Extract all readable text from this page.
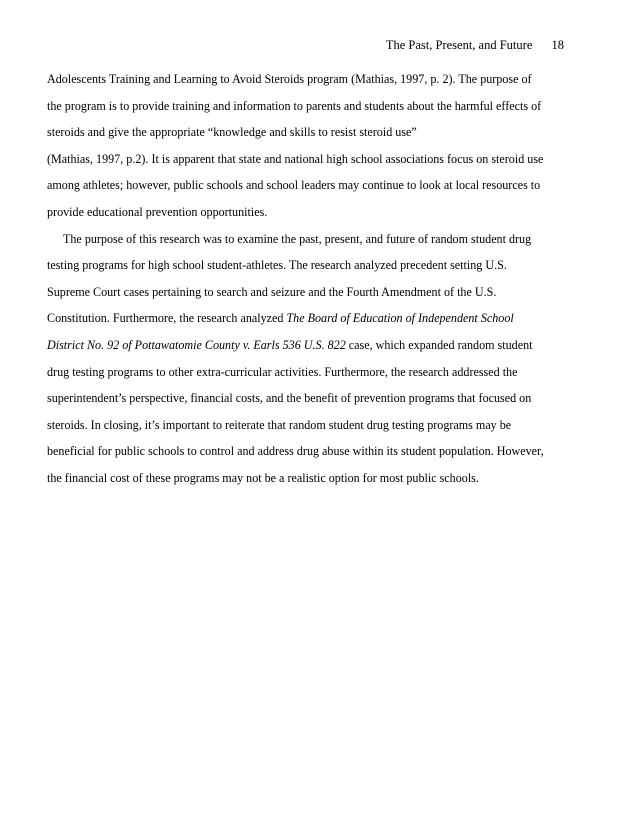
The Past, Present, and Future 18
Adolescents Training and Learning to Avoid Steroids program (Mathias, 1997, p. 2). The purpose of
the program is to provide training and information to parents and students about the harmful effects of
steroids and give the appropriate “knowledge and skills to resist steroid use”
(Mathias, 1997, p.2). It is apparent that state and national high school associations focus on steroid use
among athletes; however, public schools and school leaders may continue to look at local resources to
provide educational prevention opportunities.
The purpose of this research was to examine the past, present, and future of random student drug
testing programs for high school student-athletes. The research analyzed precedent setting U.S.
Supreme Court cases pertaining to search and seizure and the Fourth Amendment of the U.S.
Constitution. Furthermore, the research analyzed The Board of Education of Independent School
District No. 92 of Pottawatomie County v. Earls 536 U.S. 822 case, which expanded random student
drug testing programs to other extra-curricular activities. Furthermore, the research addressed the
superintendent’s perspective, financial costs, and the benefit of prevention programs that focused on
steroids. In closing, it’s important to reiterate that random student drug testing programs may be
beneficial for public schools to control and address drug abuse within its student population. However,
the financial cost of these programs may not be a realistic option for most public schools.
